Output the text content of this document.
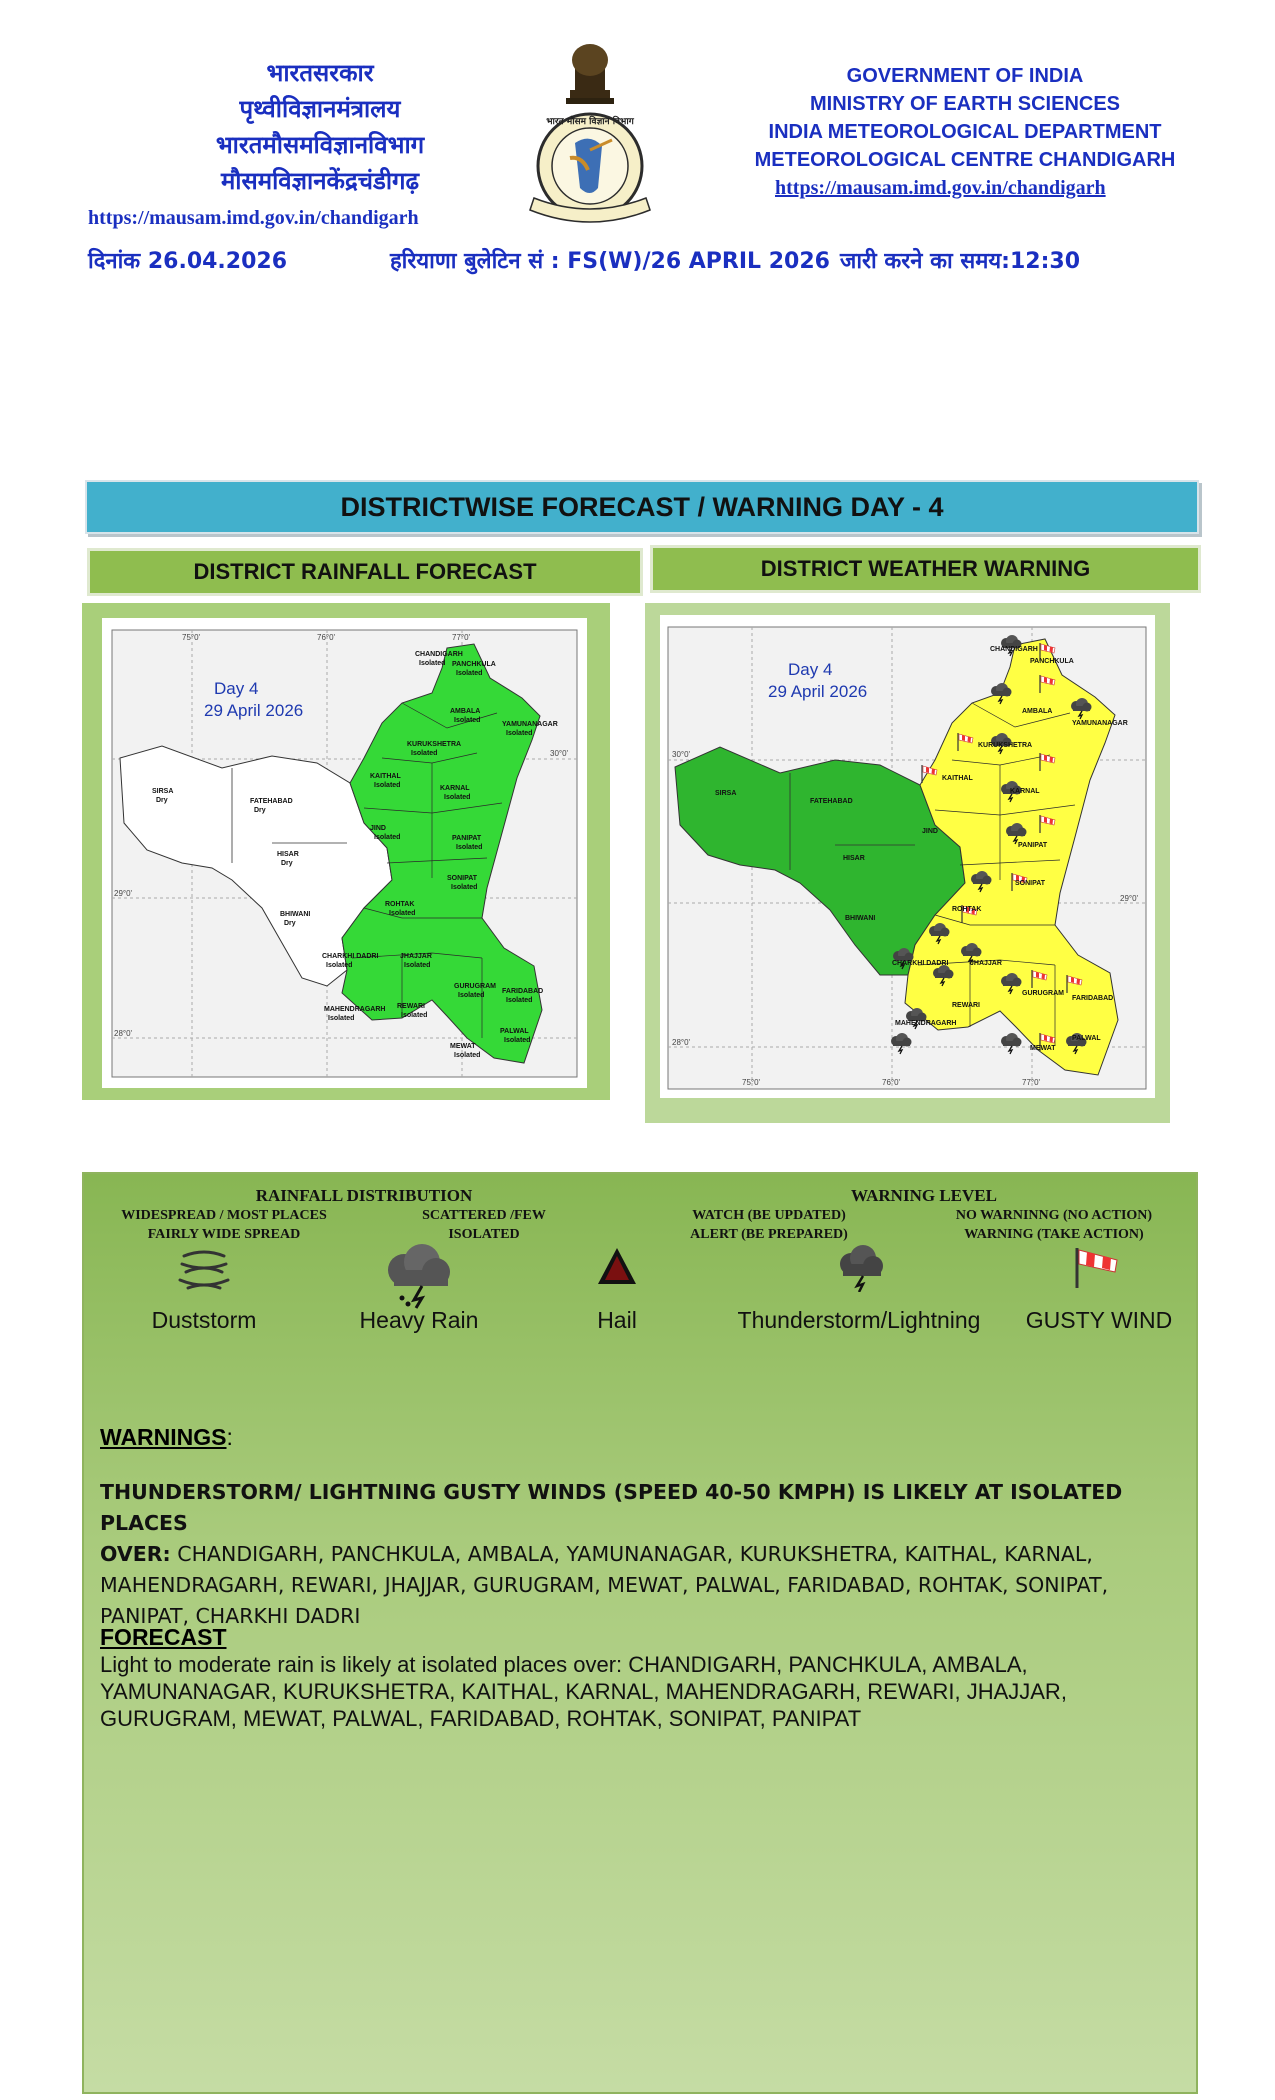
भारतसरकार
पृथ्वीविज्ञानमंत्रालय
भारतमौसमविज्ञानविभाग
मौसमविज्ञानकेंद्रचंडीगढ़
https://mausam.imd.gov.in/chandigarh
भारत मौसम विज्ञान विभाग
GOVERNMENT OF INDIA
MINISTRY OF EARTH SCIENCES
INDIA METEOROLOGICAL DEPARTMENT
METEOROLOGICAL CENTRE CHANDIGARH
https://mausam.imd.gov.in/chandigarh
दिनांक 26.04.2026	हरियाणा बुलेटिन सं : FS(W)/26 APRIL 2026 जारी करने का समय:12:30
DISTRICTWISE FORECAST / WARNING DAY - 4
DISTRICT RAINFALL FORECAST	DISTRICT WEATHER WARNING
75°0'	76°0'	77°0'
30°0'
29°0'
28°0'
Day 4
29 April 2026
CHANDIGARH
Isolated PANCHKULA
Isolated
AMBALA
Isolated
YAMUNANAGAR
Isolated
KURUKSHETRA
Isolated
KAITHAL
Isolated	KARNAL
Isolated
SIRSA
Dry	FATEHABAD
Dry
JIND
Isolated	PANIPAT
Isolated
HISAR
Dry
SONIPAT
Isolated
ROHTAK
Isolated
BHIWANI
Dry
CHARKHI DADRI
Isolated
JHAJJAR
Isolated
GURUGRAM
Isolated
FARIDABAD
Isolated
MAHENDRAGARH
Isolated
REWARI
Isolated
PALWAL
Isolated
MEWAT
Isolated
75°0'	76°0'	77°0'
30°0'
29°0'
28°0'
Day 4
29 April 2026
CHANDIGARH
PANCHKULA
AMBALA
YAMUNANAGAR
KURUKSHETRA
KAITHAL
KARNAL
SIRSA
FATEHABAD
JIND
PANIPAT
HISAR
SONIPAT
ROHTAK
BHIWANI
CHARKHI DADRI	JHAJJAR
GURUGRAM
FARIDABAD
REWARI
MAHENDRAGARH
MEWAT
PALWAL
RAINFALL DISTRIBUTION
WIDESPREAD / MOST PLACES
FAIRLY WIDE SPREAD
SCATTERED /FEW
ISOLATED
WARNING LEVEL
WATCH (BE UPDATED)
ALERT (BE PREPARED)
NO WARNINNG (NO ACTION)
WARNING (TAKE ACTION)
Duststorm	Heavy Rain	Hail	Thunderstorm/Lightning	GUSTY WIND
WARNINGS:
THUNDERSTORM/ LIGHTNING GUSTY WINDS (SPEED 40-50 KMPH) IS LIKELY AT ISOLATED PLACES
OVER: CHANDIGARH, PANCHKULA, AMBALA, YAMUNANAGAR, KURUKSHETRA, KAITHAL, KARNAL, MAHENDRAGARH, REWARI, JHAJJAR, GURUGRAM, MEWAT, PALWAL, FARIDABAD, ROHTAK, SONIPAT, PANIPAT, CHARKHI DADRI
FORECAST
Light to moderate rain is likely at isolated places over: CHANDIGARH, PANCHKULA, AMBALA, YAMUNANAGAR, KURUKSHETRA, KAITHAL, KARNAL, MAHENDRAGARH, REWARI, JHAJJAR, GURUGRAM, MEWAT, PALWAL, FARIDABAD, ROHTAK, SONIPAT, PANIPAT
